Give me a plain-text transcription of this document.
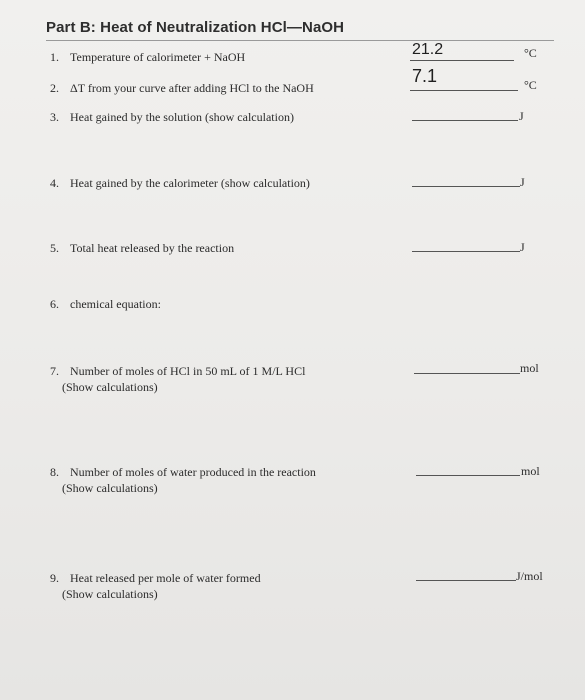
Part B: Heat of Neutralization HCl—NaOH
1. Temperature of calorimeter + NaOH	21.2	°C
2. ΔT from your curve after adding HCl to the NaOH
7.1	°C
3. Heat gained by the solution (show calculation)	J
4. Heat gained by the calorimeter (show calculation)	J
5. Total heat released by the reaction	J
6. chemical equation:
7. Number of moles of HCl in 50 mL of 1 M/L HCl
(Show calculations)
mol
8. Number of moles of water produced in the reaction
(Show calculations)
mol
9. Heat released per mole of water formed
(Show calculations)
J/mol
